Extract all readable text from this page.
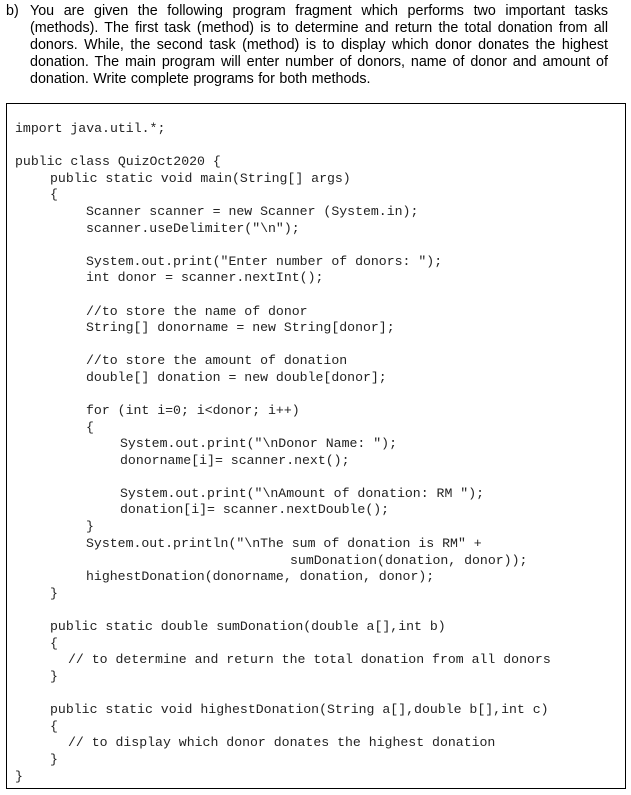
b) You are given the following program fragment which performs two important tasks (methods). The first task (method) is to determine and return the total donation from all donors. While, the second task (method) is to display which donor donates the highest donation. The main program will enter number of donors, name of donor and amount of donation. Write complete programs for both methods.
import java.util.*;
public class QuizOct2020 {
public static void main(String[] args)
{
Scanner scanner = new Scanner (System.in);
scanner.useDelimiter("\n");
System.out.print("Enter number of donors: ");
int donor = scanner.nextInt();
//to store the name of donor
String[] donorname = new String[donor];
//to store the amount of donation
double[] donation = new double[donor];
for (int i=0; i<donor; i++)
{
System.out.print("\nDonor Name: ");
donorname[i]= scanner.next();
System.out.print("\nAmount of donation: RM ");
donation[i]= scanner.nextDouble();
}
System.out.println("\nThe sum of donation is RM" +
sumDonation(donation, donor));
highestDonation(donorname, donation, donor);
}
public static double sumDonation(double a[],int b)
{
// to determine and return the total donation from all donors
}
public static void highestDonation(String a[],double b[],int c)
{
// to display which donor donates the highest donation
}
}
